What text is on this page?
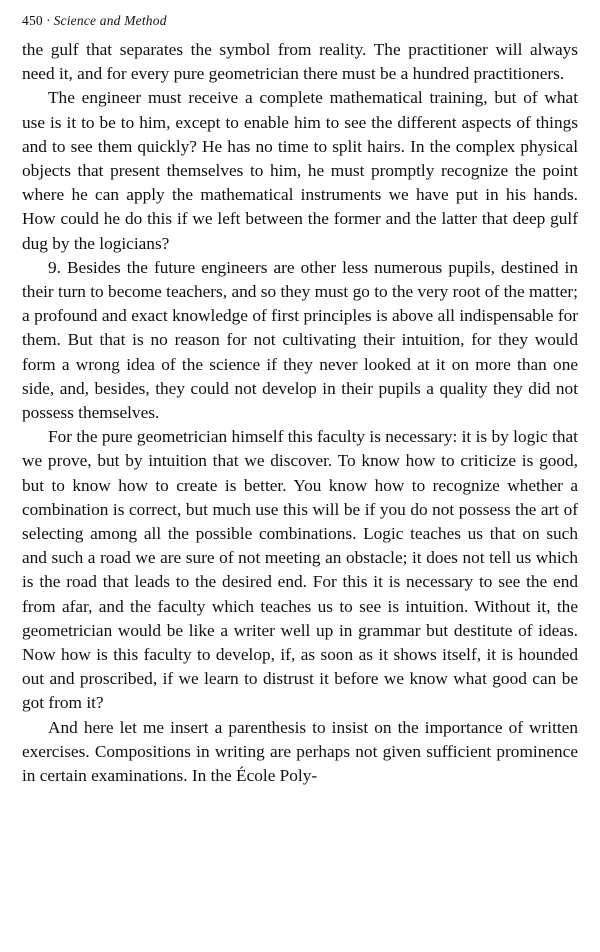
450 · Science and Method

the gulf that separates the symbol from reality. The practitioner will always need it, and for every pure geometrician there must be a hundred practitioners.

The engineer must receive a complete mathematical training, but of what use is it to be to him, except to enable him to see the different aspects of things and to see them quickly? He has no time to split hairs. In the complex physical objects that present themselves to him, he must promptly recognize the point where he can apply the mathematical instruments we have put in his hands. How could he do this if we left between the former and the latter that deep gulf dug by the logicians?

9. Besides the future engineers are other less numerous pupils, destined in their turn to become teachers, and so they must go to the very root of the matter; a profound and exact knowledge of first principles is above all indispensable for them. But that is no reason for not cultivating their intuition, for they would form a wrong idea of the science if they never looked at it on more than one side, and, besides, they could not develop in their pupils a quality they did not possess themselves.

For the pure geometrician himself this faculty is necessary: it is by logic that we prove, but by intuition that we discover. To know how to criticize is good, but to know how to create is better. You know how to recognize whether a combination is correct, but much use this will be if you do not possess the art of selecting among all the possible combinations. Logic teaches us that on such and such a road we are sure of not meeting an obstacle; it does not tell us which is the road that leads to the desired end. For this it is necessary to see the end from afar, and the faculty which teaches us to see is intuition. Without it, the geometrician would be like a writer well up in grammar but destitute of ideas. Now how is this faculty to develop, if, as soon as it shows itself, it is hounded out and proscribed, if we learn to distrust it before we know what good can be got from it?

And here let me insert a parenthesis to insist on the importance of written exercises. Compositions in writing are perhaps not given sufficient prominence in certain examinations. In the École Poly-
